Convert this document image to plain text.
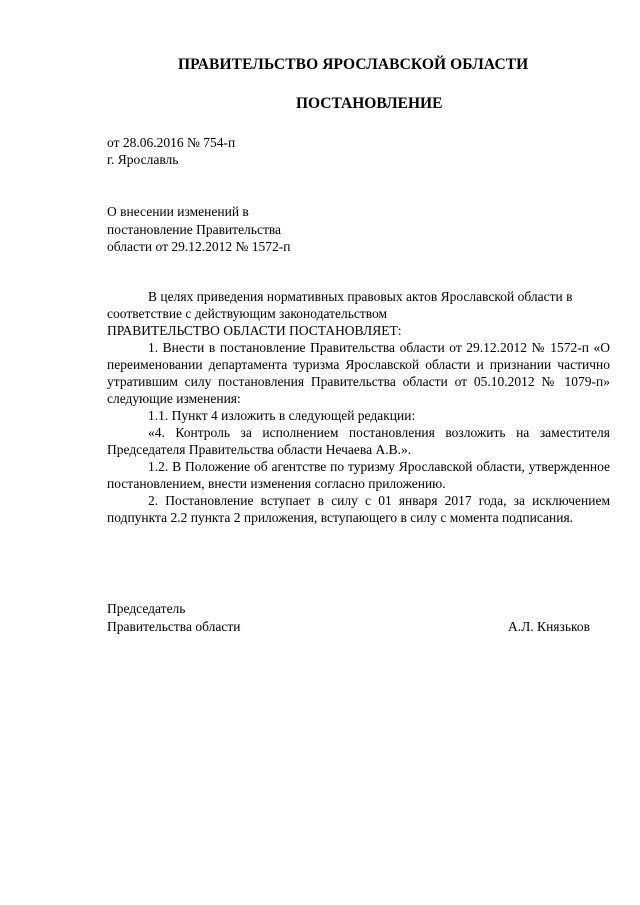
ПРАВИТЕЛЬСТВО ЯРОСЛАВСКОЙ ОБЛАСТИ
ПОСТАНОВЛЕНИЕ
от 28.06.2016 № 754-п
г. Ярославль
О внесении изменений в
постановление Правительства
области от 29.12.2012 № 1572-п

В целях приведения нормативных правовых актов Ярославской области в соответствие с действующим законодательством

ПРАВИТЕЛЬСТВО ОБЛАСТИ ПОСТАНОВЛЯЕТ:

1. Внести в постановление Правительства области от 29.12.2012 № 1572-п «О переименовании департамента туризма Ярославской области и признании частично утратившим силу постановления Правительства области от 05.10.2012 № 1079-п» следующие изменения:

1.1. Пункт 4 изложить в следующей редакции:

«4. Контроль за исполнением постановления возложить на заместителя Председателя Правительства области Нечаева А.В.».

1.2. В Положение об агентстве по туризму Ярославской области, утвержденное постановлением, внести изменения согласно приложению.

2. Постановление вступает в силу с 01 января 2017 года, за исключением подпункта 2.2 пункта 2 приложения, вступающего в силу с момента подписания.

Председатель
Правительства области	А.Л. Князьков
